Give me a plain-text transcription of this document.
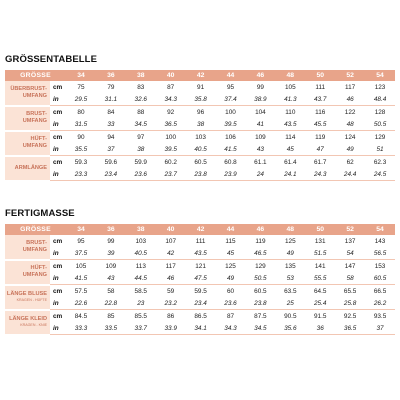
GRÖSSENTABELLE
GRÖSSE		34	36	38	40	42	44	46	48	50	52	54

ÜBERBRUST-
UMFANG	cm	75	79	83	87	91	95	99	105	111	117	123
	in	29.5	31.1	32.6	34.3	35.8	37.4	38.9	41.3	43.7	46	48.4

BRUST-
UMFANG	cm	80	84	88	92	96	100	104	110	116	122	128
	in	31.5	33	34.5	36.5	38	39.5	41	43.5	45.5	48	50.5

HÜFT-
UMFANG	cm	90	94	97	100	103	106	109	114	119	124	129
	in	35.5	37	38	39.5	40.5	41.5	43	45	47	49	51

ARMLÄNGE	cm	59.3	59.6	59.9	60.2	60.5	60.8	61.1	61.4	61.7	62	62.3
	in	23.3	23.4	23.6	23.7	23.8	23.9	24	24.1	24.3	24.4	24.5
FERTIGMASSE
GRÖSSE		34	36	38	40	42	44	46	48	50	52	54

BRUST-
UMFANG	cm	95	99	103	107	111	115	119	125	131	137	143
	in	37.5	39	40.5	42	43.5	45	46.5	49	51.5	54	56.5

HÜFT-
UMFANG	cm	105	109	113	117	121	125	129	135	141	147	153
	in	41.5	43	44.5	46	47.5	49	50.5	53	55.5	58	60.5

LÄNGE BLUSE
KRAGEN - HÜFTE	cm	57.5	58	58.5	59	59.5	60	60.5	63.5	64.5	65.5	66.5
	in	22.6	22.8	23	23.2	23.4	23.6	23.8	25	25.4	25.8	26.2

LÄNGE KLEID
KRAGEN - KNIE	cm	84.5	85	85.5	86	86.5	87	87.5	90.5	91.5	92.5	93.5
	in	33.3	33.5	33.7	33.9	34.1	34.3	34.5	35.6	36	36.5	37
